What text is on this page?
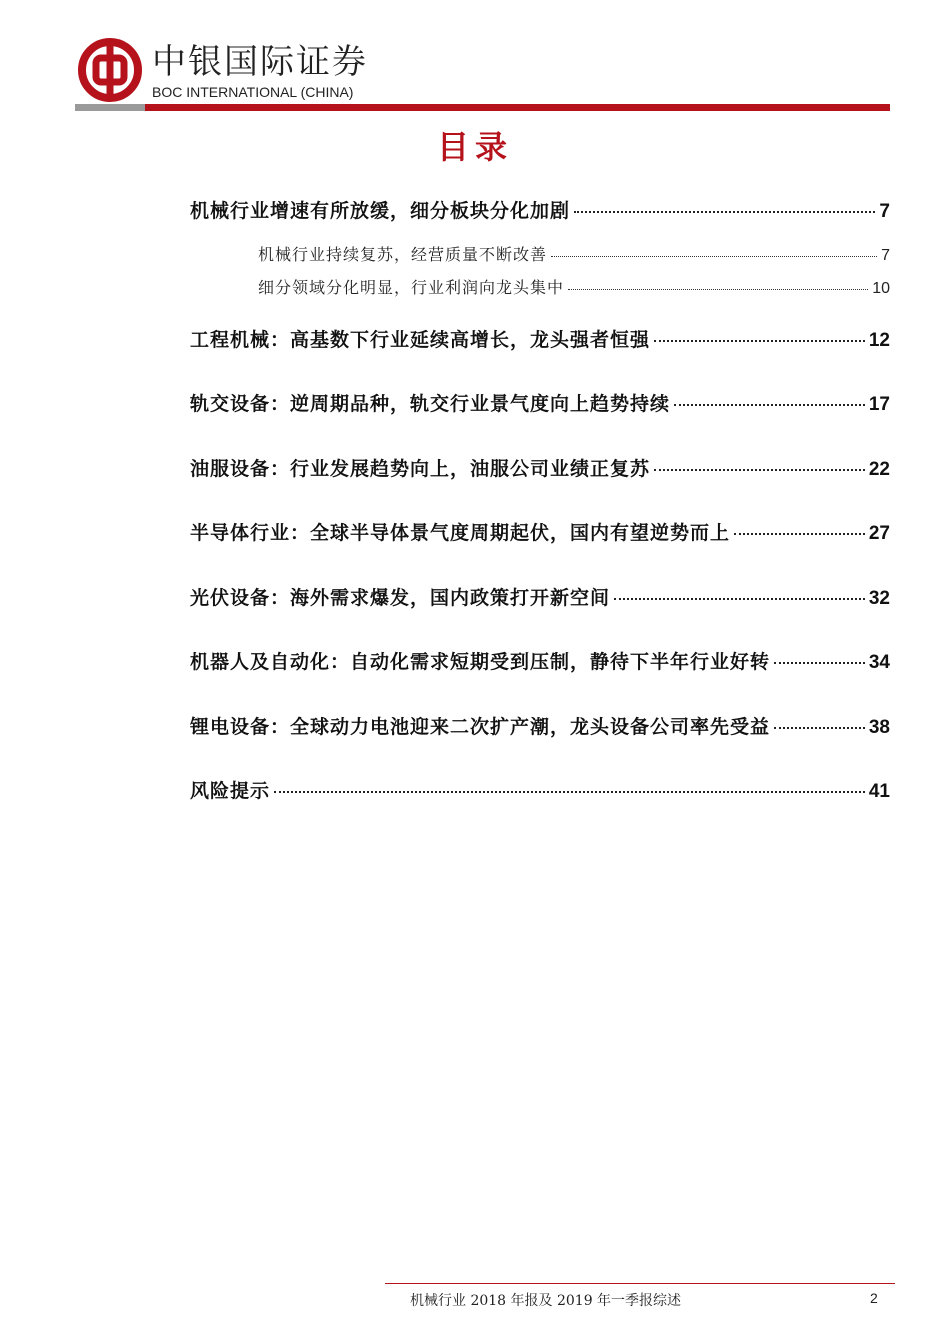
中银国际证券
BOC INTERNATIONAL (CHINA)
目录
机械行业增速有所放缓，细分板块分化加剧	7
机械行业持续复苏，经营质量不断改善	7
细分领域分化明显，行业利润向龙头集中	10
工程机械：高基数下行业延续高增长，龙头强者恒强	12
轨交设备：逆周期品种，轨交行业景气度向上趋势持续	17
油服设备：行业发展趋势向上，油服公司业绩正复苏	22
半导体行业：全球半导体景气度周期起伏，国内有望逆势而上	27
光伏设备：海外需求爆发，国内政策打开新空间	32
机器人及自动化：自动化需求短期受到压制，静待下半年行业好转	34
锂电设备：全球动力电池迎来二次扩产潮，龙头设备公司率先受益	38
风险提示	41
机械行业 2018 年报及 2019 年一季报综述	2
